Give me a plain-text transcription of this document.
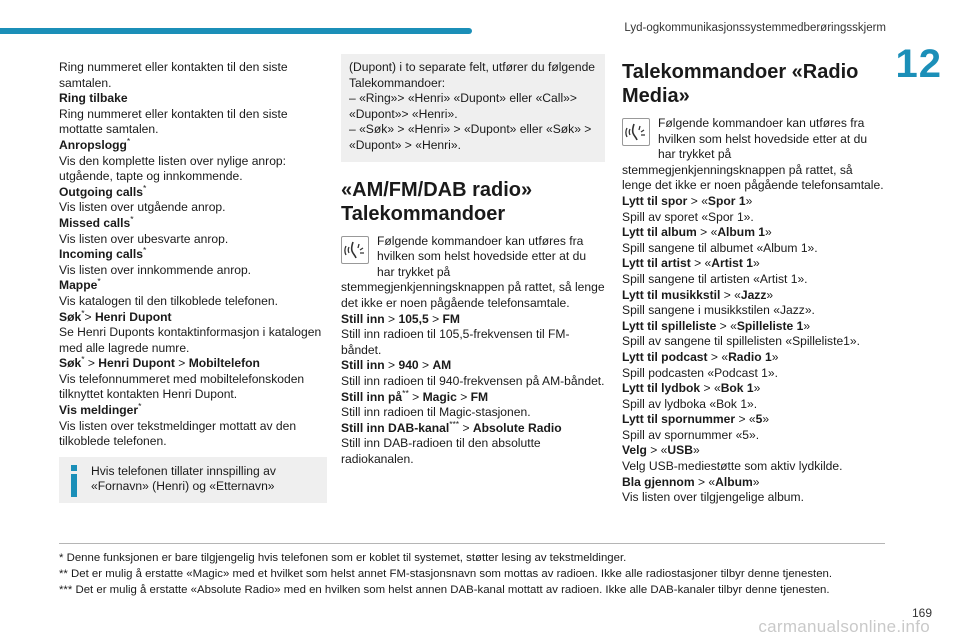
Lyd-ogkommunikasjonssystemmedberøringsskjerm
12

Ring nummeret eller kontakten til den siste samtalen.

Ring tilbake

Ring nummeret eller kontakten til den siste mottatte samtalen.

Anropslogg*

Vis den komplette listen over nylige anrop: utgående, tapte og innkommende.

Outgoing calls*

Vis listen over utgående anrop.

Missed calls*

Vis listen over ubesvarte anrop.

Incoming calls*

Vis listen over innkommende anrop.

Mappe*

Vis katalogen til den tilkoblede telefonen.

Søk*> Henri Dupont

Se Henri Duponts kontaktinformasjon i katalogen med alle lagrede numre.

Søk* > Henri Dupont > Mobiltelefon

Vis telefonnummeret med mobiltelefonskoden tilknyttet kontakten Henri Dupont.

Vis meldinger*

Vis listen over tekstmeldinger mottatt av den tilkoblede telefonen.

Hvis telefonen tillater innspilling av «Fornavn» (Henri) og «Etternavn»

(Dupont) i to separate felt, utfører du følgende Talekommandoer:

– «Ring»> «Henri» «Dupont» eller «Call»> «Dupont»> «Henri».

– «Søk» > «Henri» > «Dupont» eller «Søk» > «Dupont» > «Henri».

«AM/FM/DAB radio» Talekommandoer

Følgende kommandoer kan utføres fra hvilken som helst hovedside etter at du har trykket på stemmegjenkjenningsknappen på rattet, så lenge det ikke er noen pågående telefonsamtale.

Still inn > 105,5 > FM

Still inn radioen til 105,5-frekvensen til FM-båndet.

Still inn > 940 > AM

Still inn radioen til 940-frekvensen på AM-båndet.

Still inn på** > Magic > FM

Still inn radioen til Magic-stasjonen.

Still inn DAB-kanal*** > Absolute Radio

Still inn DAB-radioen til den absolutte radiokanalen.

Talekommandoer «Radio Media»

Følgende kommandoer kan utføres fra hvilken som helst hovedside etter at du har trykket på stemmegjenkjenningsknappen på rattet, så lenge det ikke er noen pågående telefonsamtale.

Lytt til spor > «Spor 1»

Spill av sporet «Spor 1».

Lytt til album > «Album 1»

Spill sangene til albumet «Album 1».

Lytt til artist > «Artist 1»

Spill sangene til artisten «Artist 1».

Lytt til musikkstil > «Jazz»

Spill sangene i musikkstilen «Jazz».

Lytt til spilleliste > «Spilleliste 1»

Spill av sangene til spillelisten «Spilleliste1».

Lytt til podcast > «Radio 1»

Spill podcasten «Podcast 1».

Lytt til lydbok > «Bok 1»

Spill av lydboka «Bok 1».

Lytt til spornummer > «5»

Spill av spornummer «5».

Velg > «USB»

Velg USB-mediestøtte som aktiv lydkilde.

Bla gjennom > «Album»

Vis listen over tilgjengelige album.

* Denne funksjonen er bare tilgjengelig hvis telefonen som er koblet til systemet, støtter lesing av tekstmeldinger.

** Det er mulig å erstatte «Magic» med et hvilket som helst annet FM-stasjonsnavn som mottas av radioen. Ikke alle radiostasjoner tilbyr denne tjenesten.

*** Det er mulig å erstatte «Absolute Radio» med en hvilken som helst annen DAB-kanal mottatt av radioen. Ikke alle DAB-kanaler tilbyr denne tjenesten.

169
carmanualsonline.info
